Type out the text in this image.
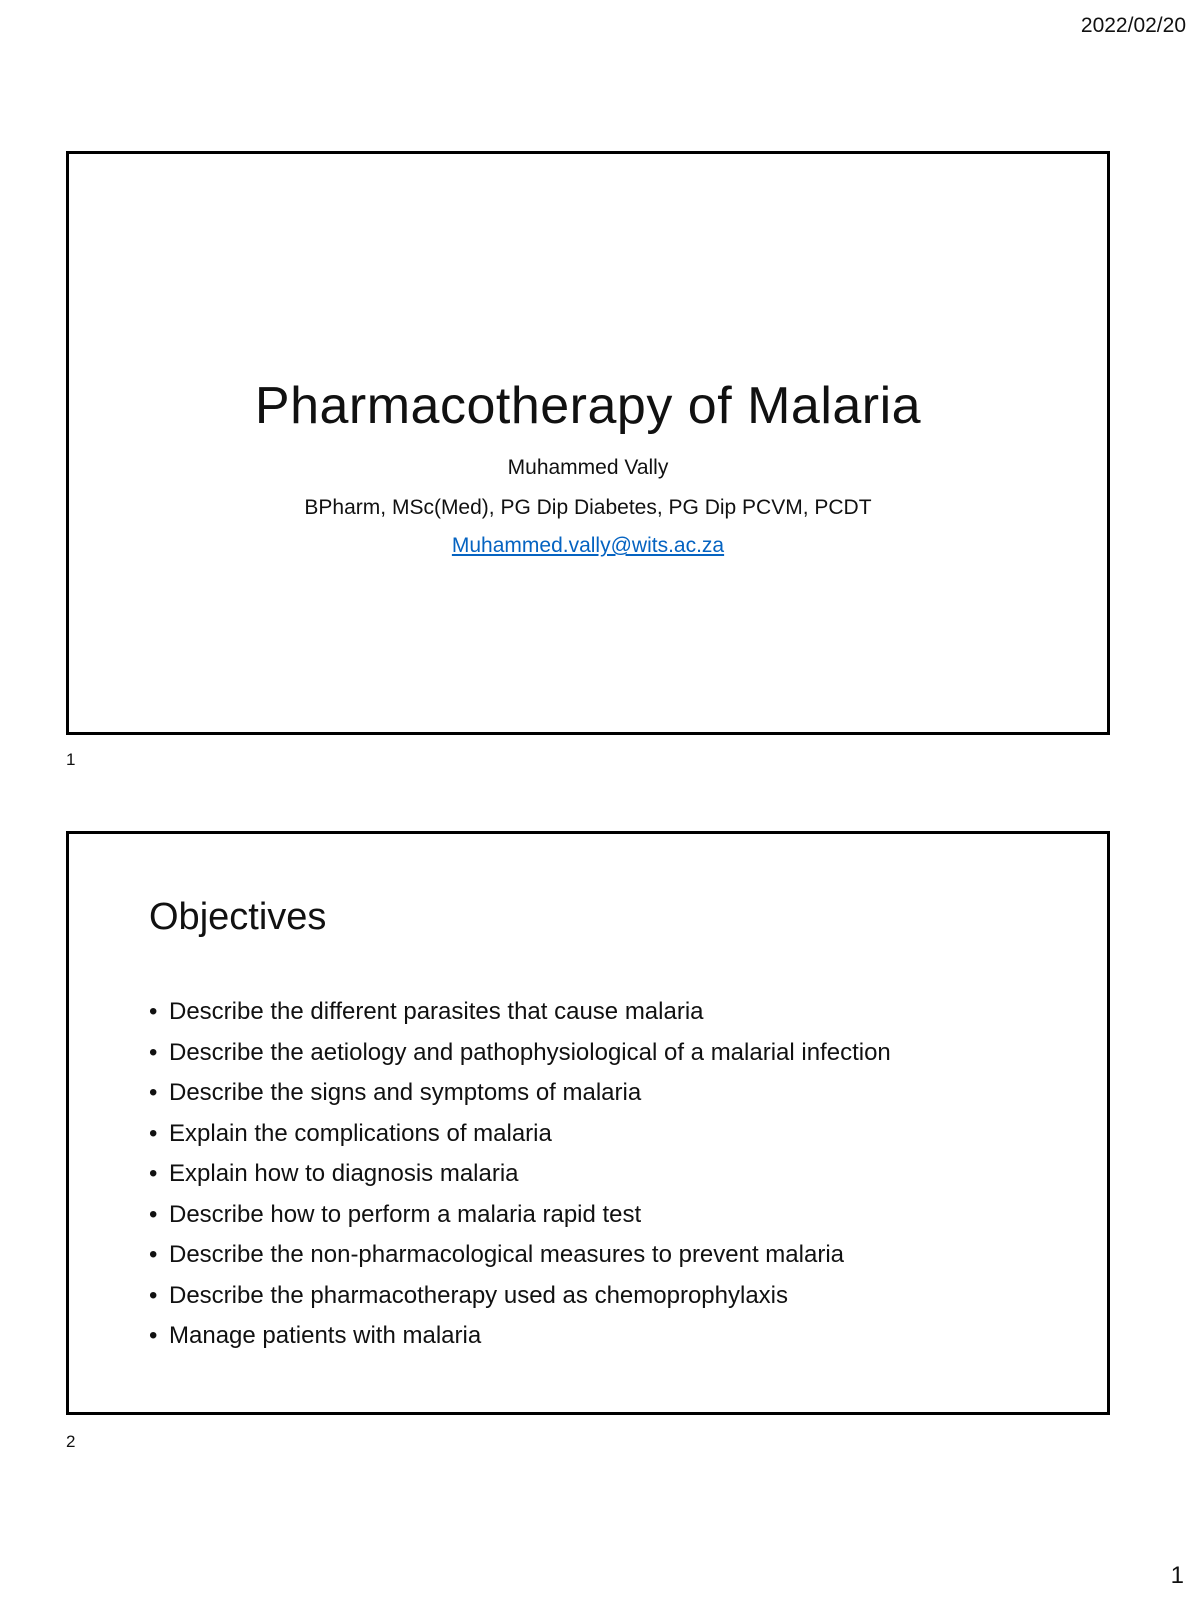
2022/02/20
Pharmacotherapy of Malaria
Muhammed Vally
BPharm, MSc(Med), PG Dip Diabetes, PG Dip PCVM, PCDT
Muhammed.vally@wits.ac.za
1
Objectives
• Describe the different parasites that cause malaria
• Describe the aetiology and pathophysiological of a malarial infection
• Describe the signs and symptoms of malaria
• Explain the complications of malaria
• Explain how to diagnosis malaria
• Describe how to perform a malaria rapid test
• Describe the non-pharmacological measures to prevent malaria
• Describe the pharmacotherapy used as chemoprophylaxis
• Manage patients with malaria
2
1
